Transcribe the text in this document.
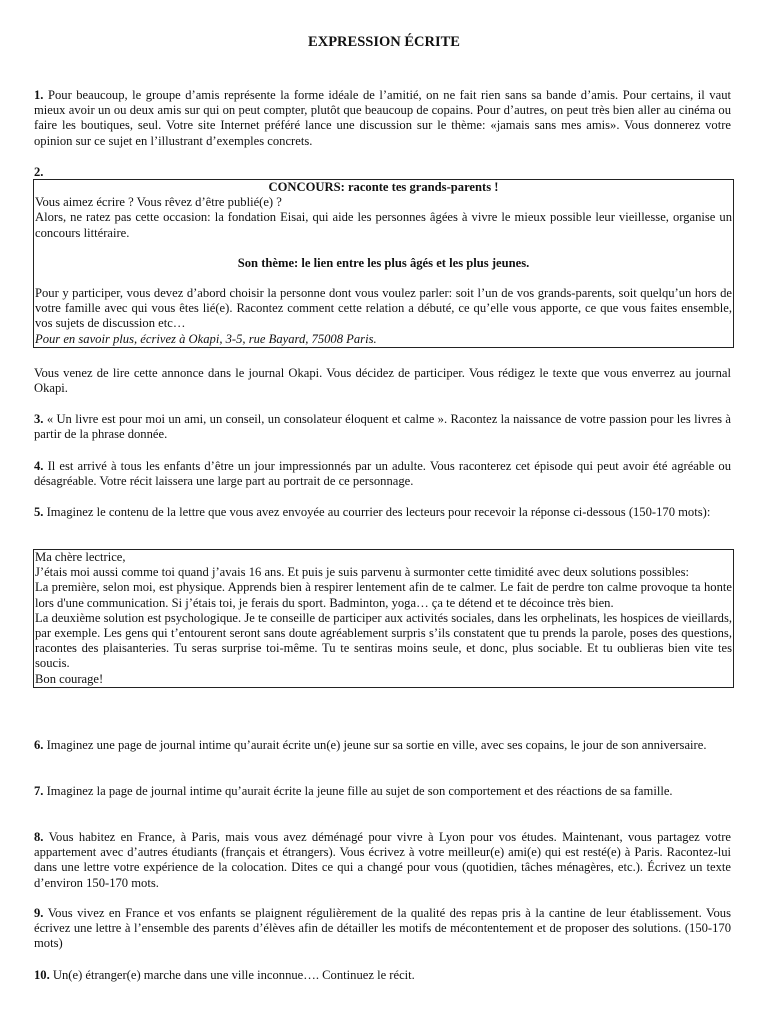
EXPRESSION ÉCRITE

1. Pour beaucoup, le groupe d’amis représente la forme idéale de l’amitié, on ne fait rien sans sa bande d’amis. Pour certains, il vaut mieux avoir un ou deux amis sur qui on peut compter, plutôt que beaucoup de copains. Pour d’autres, on peut très bien aller au cinéma ou faire les boutiques, seul. Votre site Internet préféré lance une discussion sur le thème: «jamais sans mes amis». Vous donnerez votre opinion sur ce sujet en l’illustrant d’exemples concrets.

2.

CONCOURS: raconte tes grands-parents !

Vous aimez écrire ? Vous rêvez d’être publié(e) ?

Alors, ne ratez pas cette occasion: la fondation Eisai, qui aide les personnes âgées à vivre le mieux possible leur vieillesse, organise un concours littéraire.

Son thème: le lien entre les plus âgés et les plus jeunes.

Pour y participer, vous devez d’abord choisir la personne dont vous voulez parler: soit l’un de vos grands-parents, soit quelqu’un hors de votre famille avec qui vous êtes lié(e). Racontez comment cette relation a débuté, ce qu’elle vous apporte, ce que vous faites ensemble, vos sujets de discussion etc…

Pour en savoir plus, écrivez à Okapi, 3-5, rue Bayard, 75008 Paris.

Vous venez de lire cette annonce dans le journal Okapi. Vous décidez de participer. Vous rédigez le texte que vous enverrez au journal Okapi.

3. « Un livre est pour moi un ami, un conseil, un consolateur éloquent et calme ». Racontez la naissance de votre passion pour les livres à partir de la phrase donnée.

4. Il est arrivé à tous les enfants d’être un jour impressionnés par un adulte. Vous raconterez cet épisode qui peut avoir été agréable ou désagréable. Votre récit laissera une large part au portrait de ce personnage.

5. Imaginez le contenu de la lettre que vous avez envoyée au courrier des lecteurs pour recevoir la réponse ci-dessous (150-170 mots):

Ma chère lectrice,

J’étais moi aussi comme toi quand j’avais 16 ans. Et puis je suis parvenu à surmonter cette timidité avec deux solutions possibles:

La première, selon moi, est physique. Apprends bien à respirer lentement afin de te calmer. Le fait de perdre ton calme provoque ta honte lors d'une communication. Si j’étais toi, je ferais du sport. Badminton, yoga… ça te détend et te décoince très bien.

La deuxième solution est psychologique. Je te conseille de participer aux activités sociales, dans les orphelinats, les hospices de vieillards, par exemple. Les gens qui t’entourent seront sans doute agréablement surpris s’ils constatent que tu prends la parole, poses des questions, racontes des plaisanteries. Tu seras surprise toi-même. Tu te sentiras moins seule, et donc, plus sociable. Et tu oublieras bien vite tes soucis.

Bon courage!

6. Imaginez une page de journal intime qu’aurait écrite un(e) jeune sur sa sortie en ville, avec ses copains, le jour de son anniversaire.

7. Imaginez la page de journal intime qu’aurait écrite la jeune fille au sujet de son comportement et des réactions de sa famille.

8. Vous habitez en France, à Paris, mais vous avez déménagé pour vivre à Lyon pour vos études. Maintenant, vous partagez votre appartement avec d’autres étudiants (français et étrangers). Vous écrivez à votre meilleur(e) ami(e) qui est resté(e) à Paris. Racontez-lui dans une lettre votre expérience de la colocation. Dites ce qui a changé pour vous (quotidien, tâches ménagères, etc.). Écrivez un texte d’environ 150-170 mots.

9. Vous vivez en France et vos enfants se plaignent régulièrement de la qualité des repas pris à la cantine de leur établissement. Vous écrivez une lettre à l’ensemble des parents d’élèves afin de détailler les motifs de mécontentement et de proposer des solutions. (150-170 mots)

10. Un(e) étranger(e) marche dans une ville inconnue…. Continuez le récit.
